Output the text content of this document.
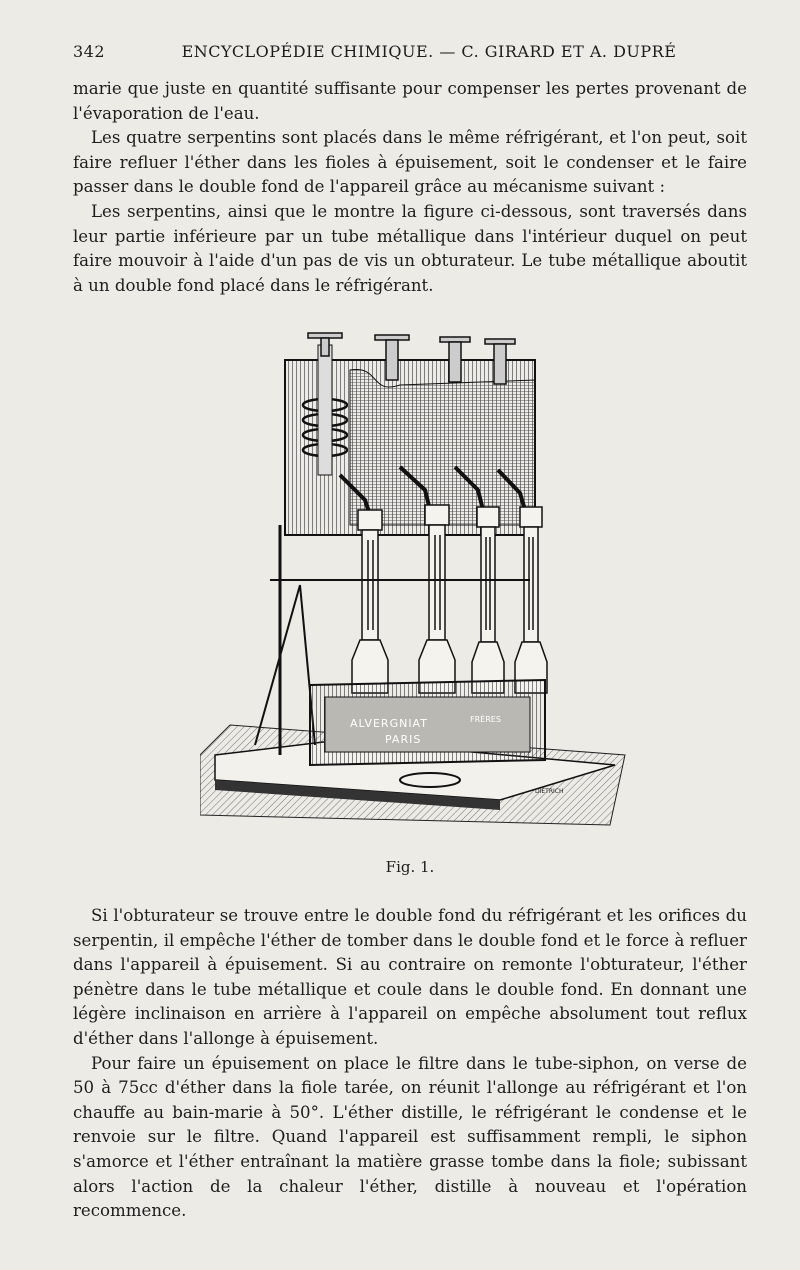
342	ENCYCLOPÉDIE CHIMIQUE. — C. GIRARD ET A. DUPRÉ

marie que juste en quantité suffisante pour compenser les pertes provenant de l'évaporation de l'eau.

Les quatre serpentins sont placés dans le même réfrigérant, et l'on peut, soit faire refluer l'éther dans les fioles à épuisement, soit le condenser et le faire passer dans le double fond de l'appareil grâce au mécanisme suivant :

Les serpentins, ainsi que le montre la figure ci-dessous, sont traversés dans leur partie inférieure par un tube métallique dans l'intérieur duquel on peut faire mouvoir à l'aide d'un pas de vis un obturateur. Le tube métallique aboutit à un double fond placé dans le réfrigérant.

ALVERGNIAT	FRÈRES
PARIS
DIETRICH
Fig. 1.

Si l'obturateur se trouve entre le double fond du réfrigérant et les orifices du serpentin, il empêche l'éther de tomber dans le double fond et le force à refluer dans l'appareil à épuisement. Si au contraire on remonte l'obturateur, l'éther pénètre dans le tube métallique et coule dans le double fond. En donnant une légère inclinaison en arrière à l'appareil on empêche absolument tout reflux d'éther dans l'allonge à épuisement.

Pour faire un épuisement on place le filtre dans le tube-siphon, on verse de 50 à 75cc d'éther dans la fiole tarée, on réunit l'allonge au réfrigérant et l'on chauffe au bain-marie à 50°. L'éther distille, le réfrigérant le condense et le renvoie sur le filtre. Quand l'appareil est suffisamment rempli, le siphon s'amorce et l'éther entraînant la matière grasse tombe dans la fiole; subissant alors l'action de la chaleur l'éther, distille à nouveau et l'opération recommence.
